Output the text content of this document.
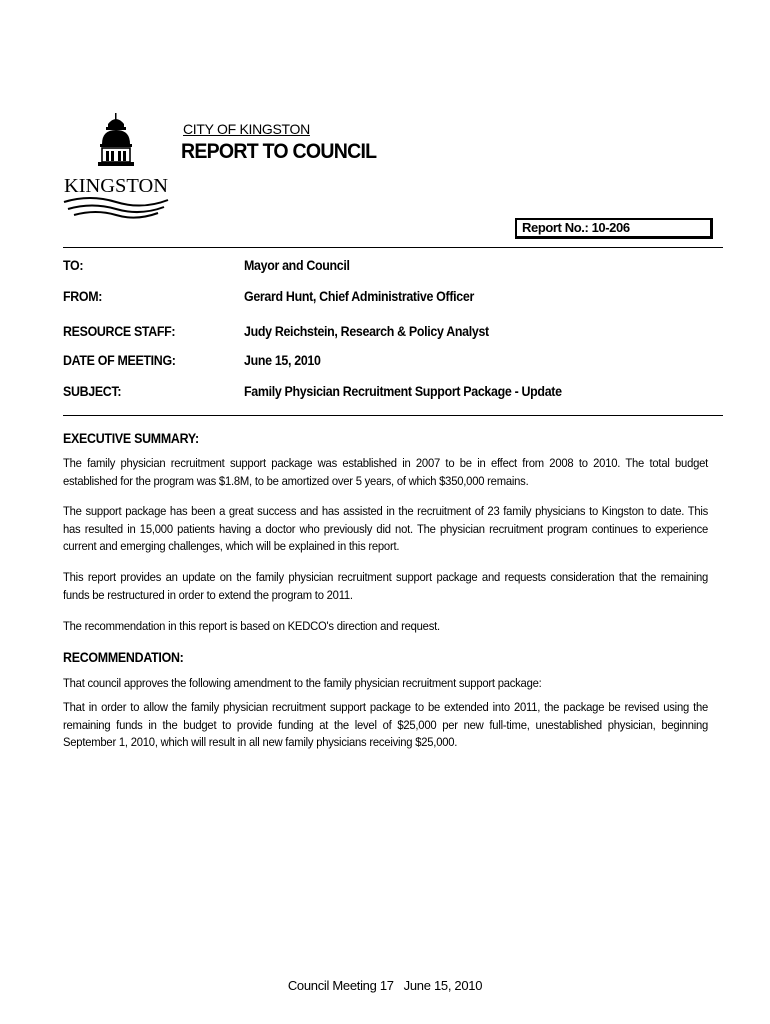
KINGSTON
CITY OF KINGSTON
REPORT TO COUNCIL
Report No.: 10-206
TO:	Mayor and Council
FROM:	Gerard Hunt, Chief Administrative Officer
RESOURCE STAFF:	Judy Reichstein, Research & Policy Analyst
DATE OF MEETING:	June 15, 2010
SUBJECT:	Family Physician Recruitment Support Package - Update
EXECUTIVE SUMMARY:
The family physician recruitment support package was established in 2007 to be in effect from 2008 to 2010. The total budget established for the program was $1.8M, to be amortized over 5 years, of which $350,000 remains.
The support package has been a great success and has assisted in the recruitment of 23 family physicians to Kingston to date. This has resulted in 15,000 patients having a doctor who previously did not. The physician recruitment program continues to experience current and emerging challenges, which will be explained in this report.
This report provides an update on the family physician recruitment support package and requests consideration that the remaining funds be restructured in order to extend the program to 2011.
The recommendation in this report is based on KEDCO's direction and request.
RECOMMENDATION:
That council approves the following amendment to the family physician recruitment support package:
That in order to allow the family physician recruitment support package to be extended into 2011, the package be revised using the remaining funds in the budget to provide funding at the level of $25,000 per new full-time, unestablished physician, beginning September 1, 2010, which will result in all new family physicians receiving $25,000.
Council Meeting 17   June 15, 2010
